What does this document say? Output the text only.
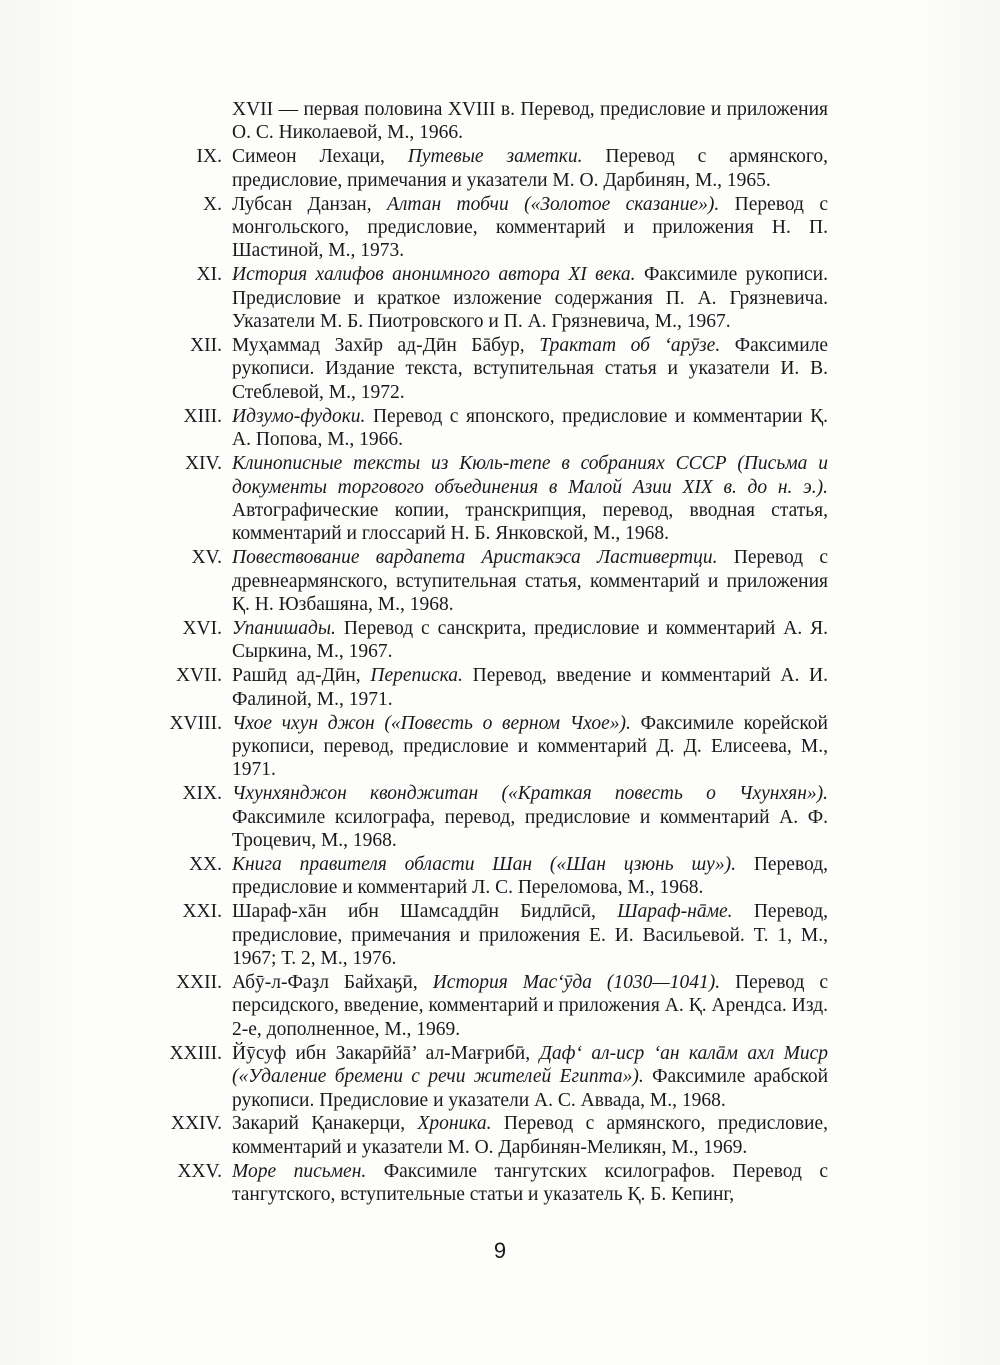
XVII — первая половина XVIII в. Перевод, предисловие и приложения О. С. Николаевой, М., 1966.

IX. Симеон Лехаци, Путевые заметки. Перевод с армянского, предисловие, примечания и указатели М. О. Дарбинян, М., 1965.

X. Лубсан Данзан, Алтан тобчи («Золотое сказание»). Перевод с монгольского, предисловие, комментарий и приложения Н. П. Шастиной, М., 1973.

XI. История халифов анонимного автора XI века. Факсимиле рукописи. Предисловие и краткое изложение содержания П. А. Грязневича. Указатели М. Б. Пиотровского и П. А. Грязневича, М., 1967.

XII. Муҳаммад Захӣр ад-Дӣн Бāбур, Трактат об ‘арӯзе. Факсимиле рукописи. Издание текста, вступительная статья и указатели И. В. Стеблевой, М., 1972.

XIII. Идзумо-фудоки. Перевод с японского, предисловие и комментарии Қ. А. Попова, М., 1966.

XIV. Клинописные тексты из Кюль-тепе в собраниях СССР (Письма и документы торгового объединения в Малой Азии XIX в. до н. э.). Автографические копии, транскрипция, перевод, вводная статья, комментарий и глоссарий Н. Б. Янковской, М., 1968.

XV. Повествование вардапета Аристакэса Ластивертци. Перевод с древнеармянского, вступительная статья, комментарий и приложения Қ. Н. Юзбашяна, М., 1968.

XVI. Упанишады. Перевод с санскрита, предисловие и комментарий А. Я. Сыркина, М., 1967.

XVII. Рашӣд ад-Дӣн, Переписка. Перевод, введение и комментарий А. И. Фалиной, М., 1971.

XVIII. Чхое чхун джон («Повесть о верном Чхое»). Факсимиле корейской рукописи, перевод, предисловие и комментарий Д. Д. Елисеева, М., 1971.

XIX. Чхунхянджон квонджитан («Краткая повесть о Чхунхян»). Факсимиле ксилографа, перевод, предисловие и комментарий А. Ф. Троцевич, М., 1968.

XX. Книга правителя области Шан («Шан цзюнь шу»). Перевод, предисловие и комментарий Л. С. Переломова, М., 1968.

XXI. Шараф-хāн ибн Шамсаддӣн Бидлӣсӣ, Шараф-нāме. Перевод, предисловие, примечания и приложения Е. И. Васильевой. Т. 1, М., 1967; Т. 2, М., 1976.

XXII. Абӯ-л-Фаҙл Байхаӄӣ, История Мас‘ӯда (1030—1041). Перевод с персидского, введение, комментарий и приложения А. Қ. Арендса. Изд. 2-е, дополненное, М., 1969.

XXIII. Йӯсуф ибн Закарӣйā’ ал-Мағрибӣ, Даф‘ ал-иср ‘ан калāм ахл Миср («Удаление бремени с речи жителей Египта»). Факсимиле арабской рукописи. Предисловие и указатели А. С. Аввада, М., 1968.

XXIV. Закарий Қанакерци, Хроника. Перевод с армянского, предисловие, комментарий и указатели М. О. Дарбинян-Меликян, М., 1969.

XXV. Море письмен. Факсимиле тангутских ксилографов. Перевод с тангутского, вступительные статьи и указатель Қ. Б. Кепинг,

9
